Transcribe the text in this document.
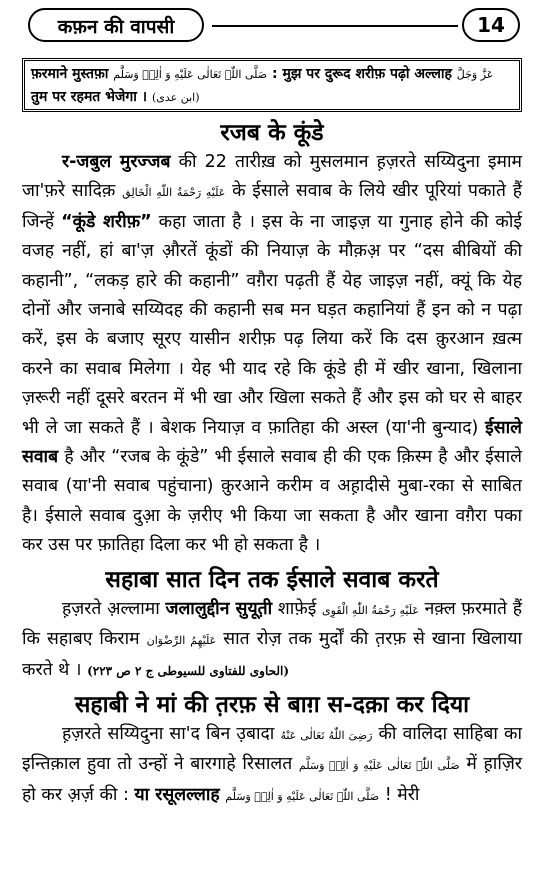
कफ़न की वापसी	14
फ़रमाने मुस्तफ़ा صَلَّی اللّٰہ تَعَالٰی عَلَیْهِ وَ اٰلِهٖ وَسَلَّم : मुझ पर दुरूद शरीफ़ पढ़ो अल्लाह عَزَّ وَجَلَّ तुम पर रहमत भेजेगा । (ابن عدی)
रजब के कूंडे

र-जबुल मुरज्जब की 22 तारीख़ को मुसलमान ह़ज़रते सय्यिदुना इमाम जा'फ़रे सादिक़ عَلَیْهِ رَحْمَةُ اللّٰهِ الْخَالِق के ईसाले सवाब के लिये खीर पूरियां पकाते हैं जिन्हें “कूंडे शरीफ़” कहा जाता है । इस के ना जाइज़ या गुनाह होने की कोई वजह नहीं, हां बा'ज़ औ़रतें कूंडों की नियाज़ के मौक़अ़ पर “दस बीबियों की कहानी”, “लकड़ हारे की कहानी” वग़ैरा पढ़ती हैं येह जाइज़ नहीं, क्यूं कि येह दोनों और जनाबे सय्यिदह की कहानी सब मन घड़त कहानियां हैं इन को न पढ़ा करें, इस के बजाए सूरए यासीन शरीफ़ पढ़ लिया करें कि दस क़ुरआन ख़त्म करने का सवाब मिलेगा । येह भी याद रहे कि कूंडे ही में खीर खाना, खिलाना ज़रूरी नहीं दूसरे बरतन में भी खा और खिला सकते हैं और इस को घर से बाहर भी ले जा सकते हैं । बेशक नियाज़ व फ़ातिहा की अस्ल (या'नी बुन्याद) ईसाले सवाब है और “रजब के कूंडे” भी ईसाले सवाब ही की एक क़िस्म है और ईसाले सवाब (या'नी सवाब पहुंचाना) क़ुरआने करीम व अह़ादीसे मुबा-रका से साबित है। ईसाले सवाब दुआ़ के ज़रीए भी किया जा सकता है और खाना वग़ैरा पका कर उस पर फ़ातिहा दिला कर भी हो सकता है ।

सहाबा सात दिन तक ईसाले सवाब करते

ह़ज़रते अ़ल्लामा जलालुद्दीन सुयूत़ी शाफ़ेई عَلَیْهِ رَحْمَةُ اللّٰهِ الْقَوِی नक़्ल फ़रमाते हैं कि सहाबए किराम عَلَیْهِمُ الرِّضْوَان सात रोज़ तक मुर्दों की त़रफ़ से खाना खिलाया करते थे । (الحاوی للفتاوی للسیوطی ج ۲ ص ۲۲۳)

सहाबी ने मां की त़रफ़ से बाग़ स-दक़ा कर दिया

ह़ज़रते सय्यिदुना सा'द बिन उ़बादा رَضِیَ اللّٰهُ تَعَالٰی عَنْهُ की वालिदा साहिबा का इन्तिक़ाल हुवा तो उन्हों ने बारगाहे रिसालत صَلَّی اللّٰہ تَعَالٰی عَلَیْهِ وَ اٰلِهٖ وَسَلَّم में ह़ाज़िर हो कर अ़र्ज़ की : या रसूलल्लाह صَلَّی اللّٰہ تَعَالٰی عَلَیْهِ وَ اٰلِهٖ وَسَلَّم ! मेरी
